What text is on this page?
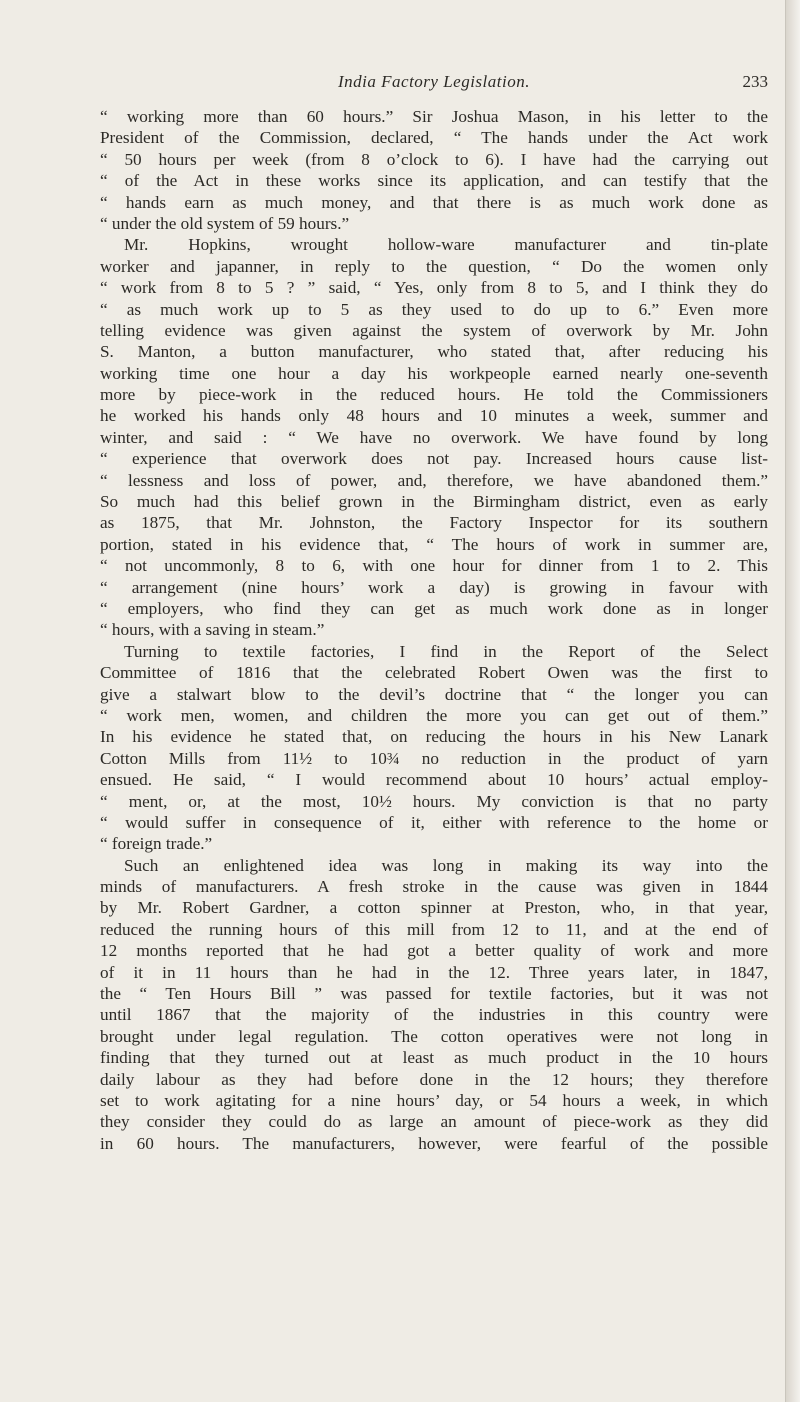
India Factory Legislation.	233
“ working more than 60 hours.” Sir Joshua Mason, in his letter to the
President of the Commission, declared, “ The hands under the Act work
“ 50 hours per week (from 8 o’clock to 6). I have had the carrying out
“ of the Act in these works since its application, and can testify that the
“ hands earn as much money, and that there is as much work done as
“ under the old system of 59 hours.”
Mr. Hopkins, wrought hollow-ware manufacturer and tin-plate
worker and japanner, in reply to the question, “ Do the women only
“ work from 8 to 5 ? ” said, “ Yes, only from 8 to 5, and I think they do
“ as much work up to 5 as they used to do up to 6.” Even more
telling evidence was given against the system of overwork by Mr. John
S. Manton, a button manufacturer, who stated that, after reducing his
working time one hour a day his workpeople earned nearly one-seventh
more by piece-work in the reduced hours. He told the Commissioners
he worked his hands only 48 hours and 10 minutes a week, summer and
winter, and said : “ We have no overwork. We have found by long
“ experience that overwork does not pay. Increased hours cause list-
“ lessness and loss of power, and, therefore, we have abandoned them.”
So much had this belief grown in the Birmingham district, even as early
as 1875, that Mr. Johnston, the Factory Inspector for its southern
portion, stated in his evidence that, “ The hours of work in summer are,
“ not uncommonly, 8 to 6, with one hour for dinner from 1 to 2. This
“ arrangement (nine hours’ work a day) is growing in favour with
“ employers, who find they can get as much work done as in longer
“ hours, with a saving in steam.”
Turning to textile factories, I find in the Report of the Select
Committee of 1816 that the celebrated Robert Owen was the first to
give a stalwart blow to the devil’s doctrine that “ the longer you can
“ work men, women, and children the more you can get out of them.”
In his evidence he stated that, on reducing the hours in his New Lanark
Cotton Mills from 11½ to 10¾ no reduction in the product of yarn
ensued. He said, “ I would recommend about 10 hours’ actual employ-
“ ment, or, at the most, 10½ hours. My conviction is that no party
“ would suffer in consequence of it, either with reference to the home or
“ foreign trade.”
Such an enlightened idea was long in making its way into the
minds of manufacturers. A fresh stroke in the cause was given in 1844
by Mr. Robert Gardner, a cotton spinner at Preston, who, in that year,
reduced the running hours of this mill from 12 to 11, and at the end of
12 months reported that he had got a better quality of work and more
of it in 11 hours than he had in the 12. Three years later, in 1847,
the “ Ten Hours Bill ” was passed for textile factories, but it was not
until 1867 that the majority of the industries in this country were
brought under legal regulation. The cotton operatives were not long in
finding that they turned out at least as much product in the 10 hours
daily labour as they had before done in the 12 hours; they therefore
set to work agitating for a nine hours’ day, or 54 hours a week, in which
they consider they could do as large an amount of piece-work as they did
in 60 hours. The manufacturers, however, were fearful of the possible
